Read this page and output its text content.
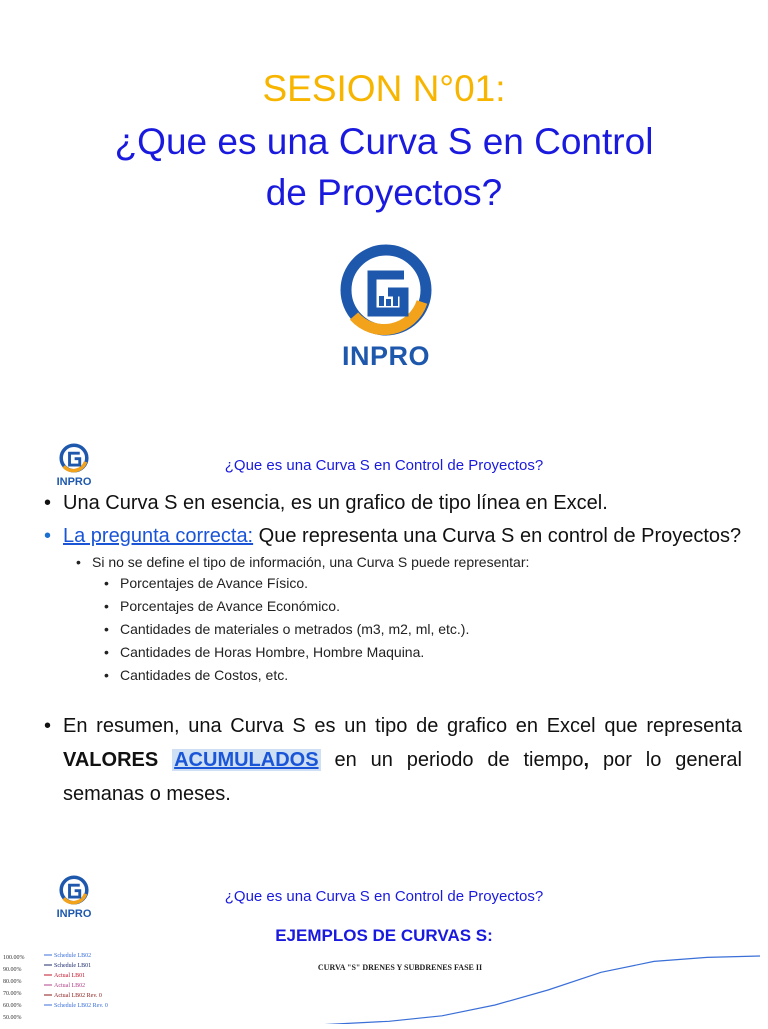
SESION N°01:
¿Que es una Curva S en Control
de Proyectos?
INPRO
INPRO
¿Que es una Curva S en Control de Proyectos?
• Una Curva S en esencia, es un grafico de tipo línea en Excel.
• La pregunta correcta: Que representa una Curva S en control de Proyectos?
• Si no se define el tipo de información, una Curva S puede representar:
• Porcentajes de Avance Físico.
• Porcentajes de Avance Económico.
• Cantidades de materiales o metrados (m3, m2, ml, etc.).
• Cantidades de Horas Hombre, Hombre Maquina.
• Cantidades de Costos, etc.
• En resumen, una Curva S es un tipo de grafico en Excel que representa VALORES ACUMULADOS en un periodo de tiempo, por lo general semanas o meses.
INPRO
¿Que es una Curva S en Control de Proyectos?
EJEMPLOS DE CURVAS S:
100.00%
90.00%
80.00%
70.00%
60.00%
50.00%
Schedule LB02
Schedule LB01
Actual LB01
Actual LB02
Actual LB02 Rev. 0
Schedule LB02 Rev. 0
CURVA "S" DRENES Y SUBDRENES FASE II
